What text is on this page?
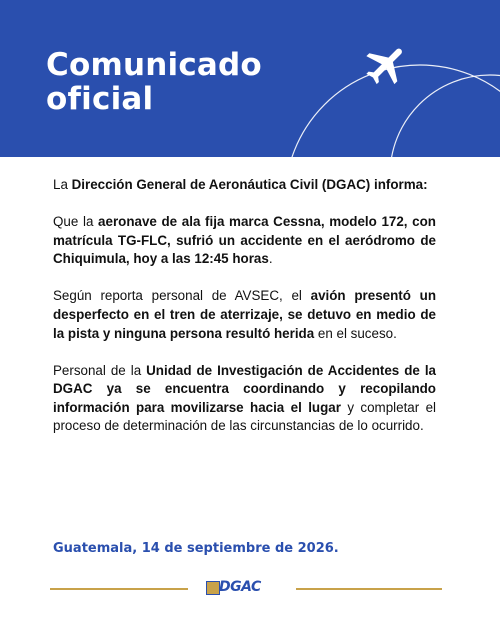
Comunicado
oficial

La Dirección General de Aeronáutica Civil (DGAC) informa:

Que la aeronave de ala fija marca Cessna, modelo 172, con matrícula TG-FLC, sufrió un accidente en el aeródromo de Chiquimula, hoy a las 12:45 horas.

Según reporta personal de AVSEC, el avión presentó un desperfecto en el tren de aterrizaje, se detuvo en medio de la pista y ninguna persona resultó herida en el suceso.

Personal de la Unidad de Investigación de Accidentes de la DGAC ya se encuentra coordinando y recopilando información para movilizarse hacia el lugar y completar el proceso de determinación de las circunstancias de lo ocurrido.

Guatemala, 14 de septiembre de 2026.
DGAC
